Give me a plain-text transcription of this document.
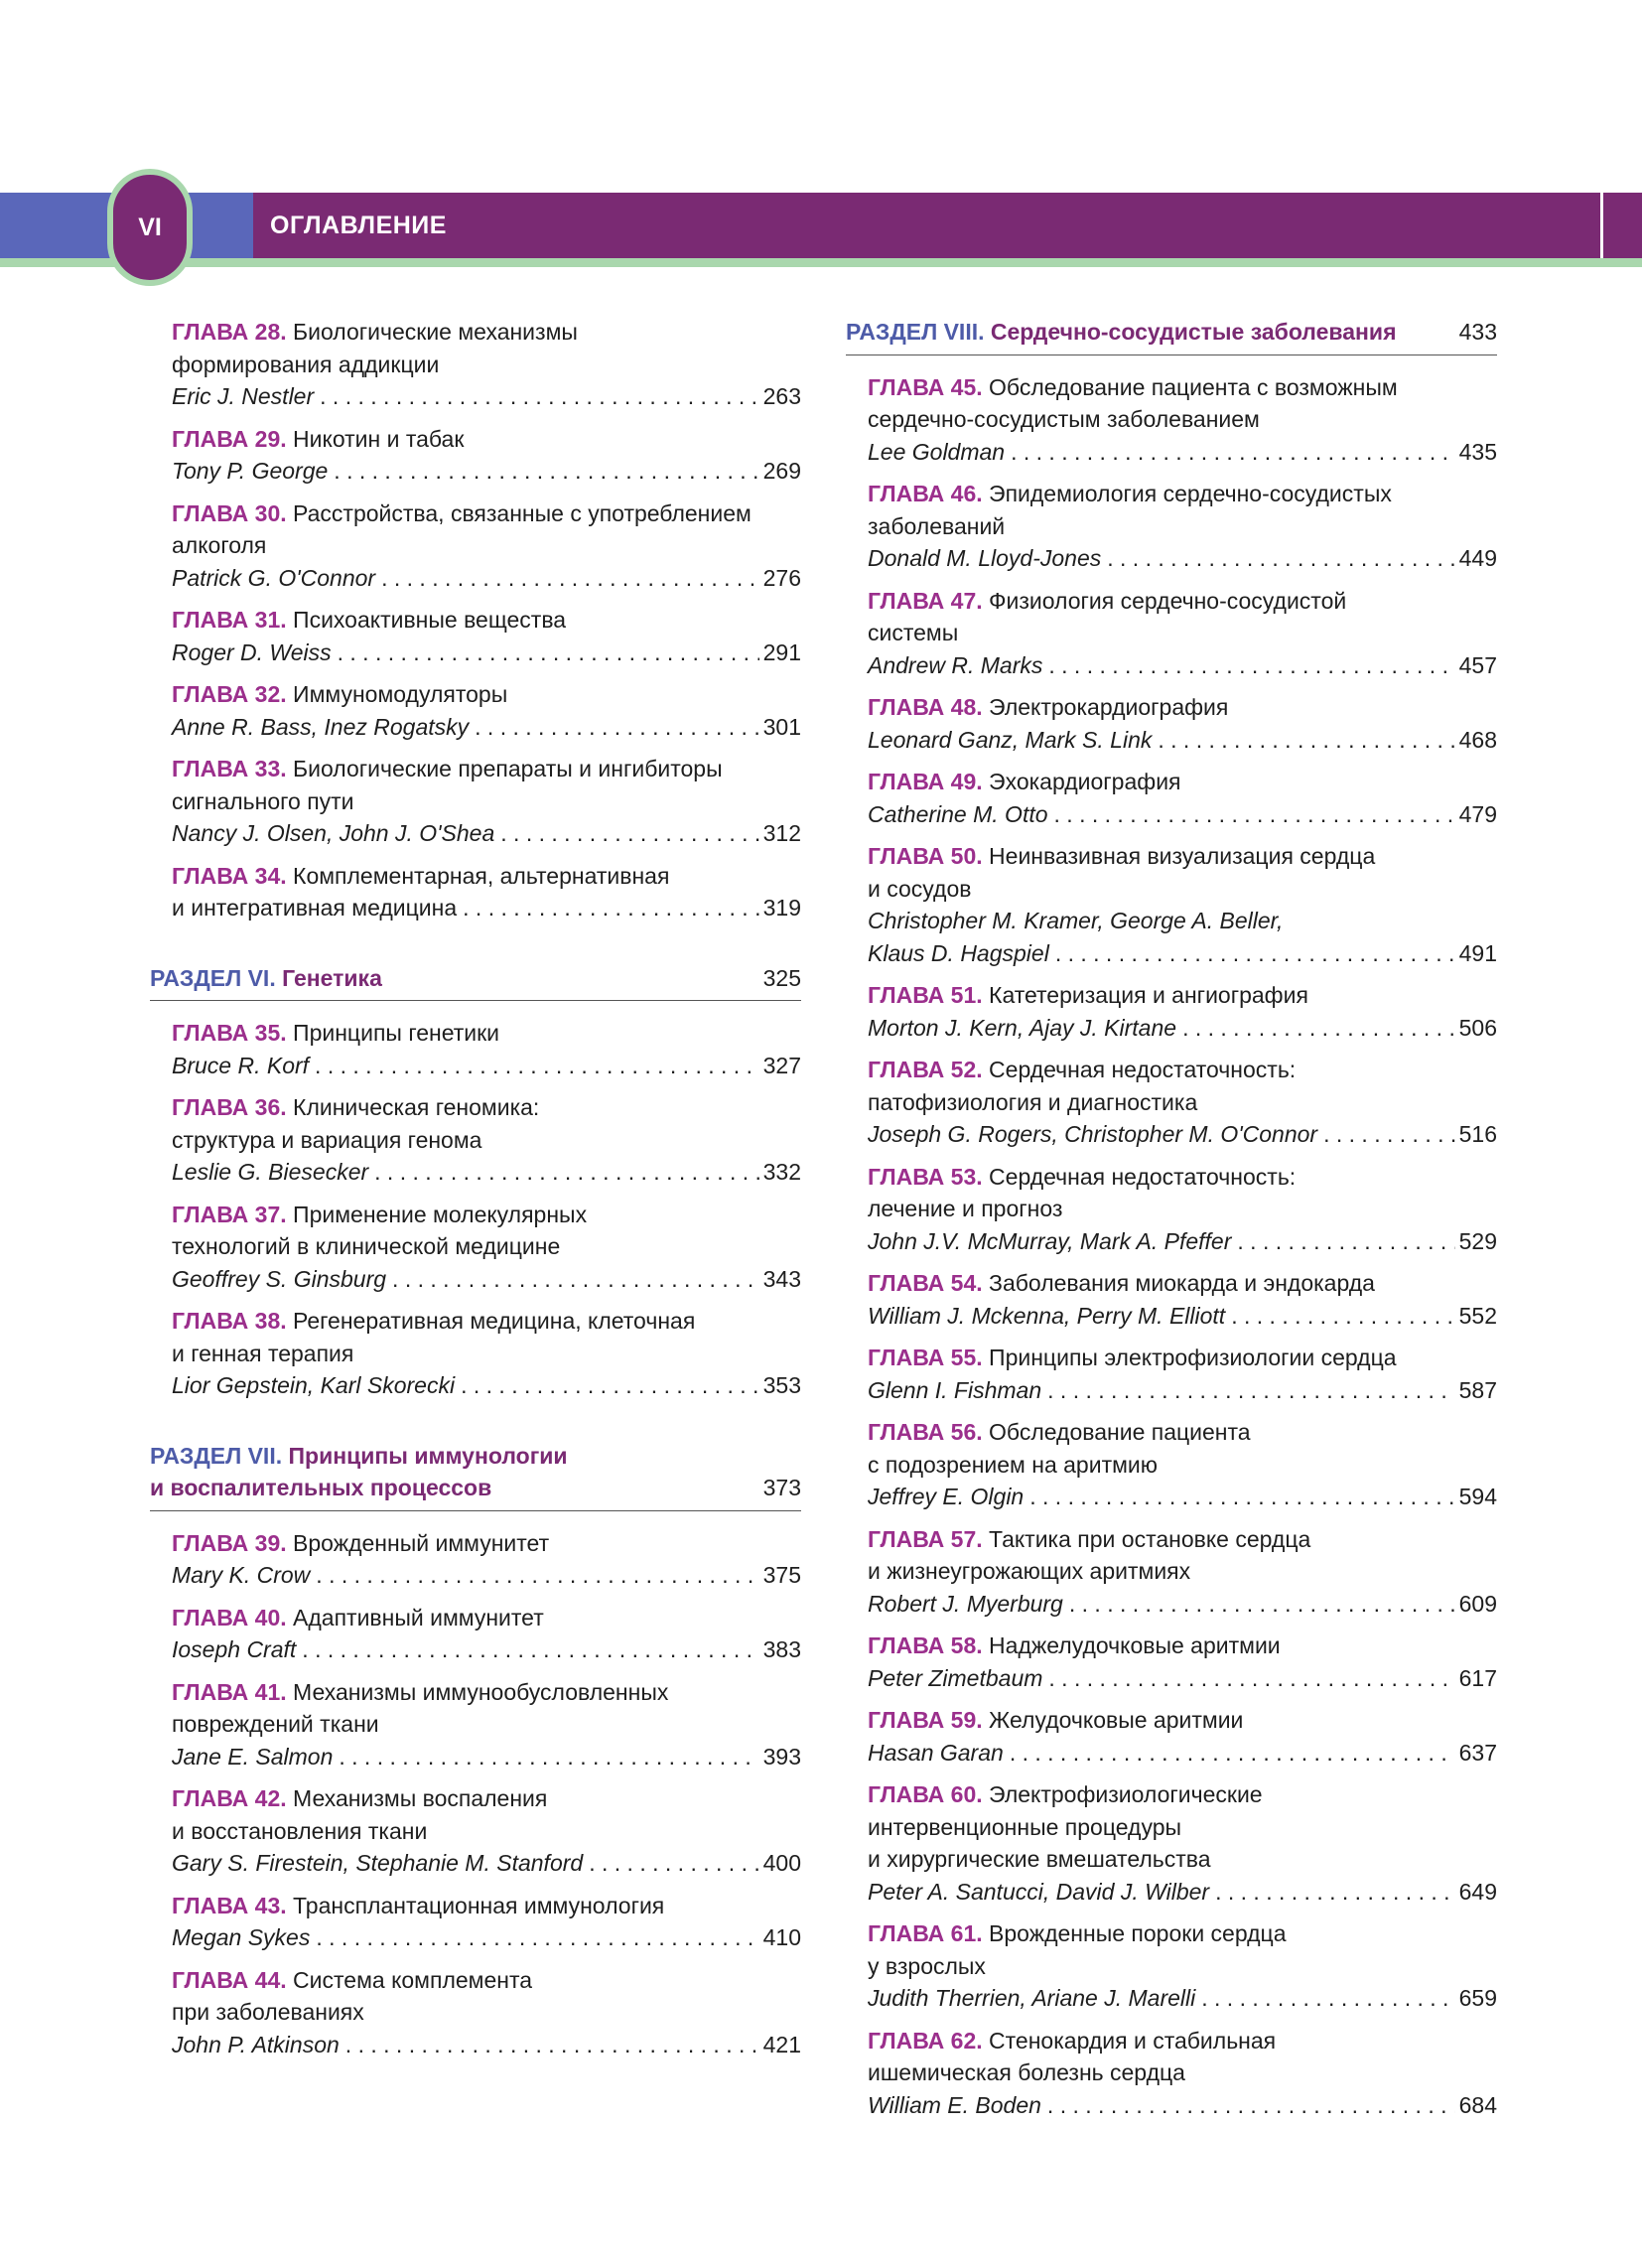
VI	ОГЛАВЛЕНИЕ
ГЛАВА 28. Биологические механизмы
формирования аддикции
Eric J. Nestler . . .	263
ГЛАВА 29. Никотин и табак
Tony P. George . . .	269
ГЛАВА 30. Расстройства, связанные с употреблением
алкоголя
Patrick G. O'Connor . . .	276
ГЛАВА 31. Психоактивные вещества
Roger D. Weiss . . .	291
ГЛАВА 32. Иммуномодуляторы
Anne R. Bass, Inez Rogatsky . . .	301
ГЛАВА 33. Биологические препараты и ингибиторы
сигнального пути
Nancy J. Olsen, John J. O'Shea . . .	312
ГЛАВА 34. Комплементарная, альтернативная
и интегративная медицина . . .	319
РАЗДЕЛ VI. Генетика	325
ГЛАВА 35. Принципы генетики
Bruce R. Korf . . .	327
ГЛАВА 36. Клиническая геномика:
структура и вариация генома
Leslie G. Biesecker . . .	332
ГЛАВА 37. Применение молекулярных
технологий в клинической медицине
Geoffrey S. Ginsburg . . .	343
ГЛАВА 38. Регенеративная медицина, клеточная
и генная терапия
Lior Gepstein, Karl Skorecki . . .	353
РАЗДЕЛ VII. Принципы иммунологии
и воспалительных процессов	373
ГЛАВА 39. Врожденный иммунитет
Mary K. Crow . . .	375
ГЛАВА 40. Адаптивный иммунитет
Ioseph Craft . . .	383
ГЛАВА 41. Механизмы иммунообусловленных
повреждений ткани
Jane E. Salmon . . .	393
ГЛАВА 42. Механизмы воспаления
и восстановления ткани
Gary S. Firestein, Stephanie M. Stanford . . .	400
ГЛАВА 43. Трансплантационная иммунология
Megan Sykes . . .	410
ГЛАВА 44. Система комплемента
при заболеваниях
John P. Atkinson . . .	421
РАЗДЕЛ VIII. Сердечно-сосудистые заболевания	433
ГЛАВА 45. Обследование пациента с возможным
сердечно-сосудистым заболеванием
Lee Goldman . . .	435
ГЛАВА 46. Эпидемиология сердечно-сосудистых
заболеваний
Donald M. Lloyd-Jones . . .	449
ГЛАВА 47. Физиология сердечно-сосудистой
системы
Andrew R. Marks . . .	457
ГЛАВА 48. Электрокардиография
Leonard Ganz, Mark S. Link . . .	468
ГЛАВА 49. Эхокардиография
Catherine M. Otto . . .	479
ГЛАВА 50. Неинвазивная визуализация сердца
и сосудов
Christopher M. Kramer, George A. Beller,
Klaus D. Hagspiel . . .	491
ГЛАВА 51. Катетеризация и ангиография
Morton J. Kern, Ajay J. Kirtane . . .	506
ГЛАВА 52. Сердечная недостаточность:
патофизиология и диагностика
Joseph G. Rogers, Christopher M. O'Connor . . .	516
ГЛАВА 53. Сердечная недостаточность:
лечение и прогноз
John J.V. McMurray, Mark A. Pfeffer . . .	529
ГЛАВА 54. Заболевания миокарда и эндокарда
William J. Mckenna, Perry M. Elliott . . .	552
ГЛАВА 55. Принципы электрофизиологии сердца
Glenn I. Fishman . . .	587
ГЛАВА 56. Обследование пациента
с подозрением на аритмию
Jeffrey E. Olgin . . .	594
ГЛАВА 57. Тактика при остановке сердца
и жизнеугрожающих аритмиях
Robert J. Myerburg . . .	609
ГЛАВА 58. Наджелудочковые аритмии
Peter Zimetbaum . . .	617
ГЛАВА 59. Желудочковые аритмии
Hasan Garan . . .	637
ГЛАВА 60. Электрофизиологические
интервенционные процедуры
и хирургические вмешательства
Peter A. Santucci, David J. Wilber . . .	649
ГЛАВА 61. Врожденные пороки сердца
у взрослых
Judith Therrien, Ariane J. Marelli . . .	659
ГЛАВА 62. Стенокардия и стабильная
ишемическая болезнь сердца
William E. Boden . . .	684
